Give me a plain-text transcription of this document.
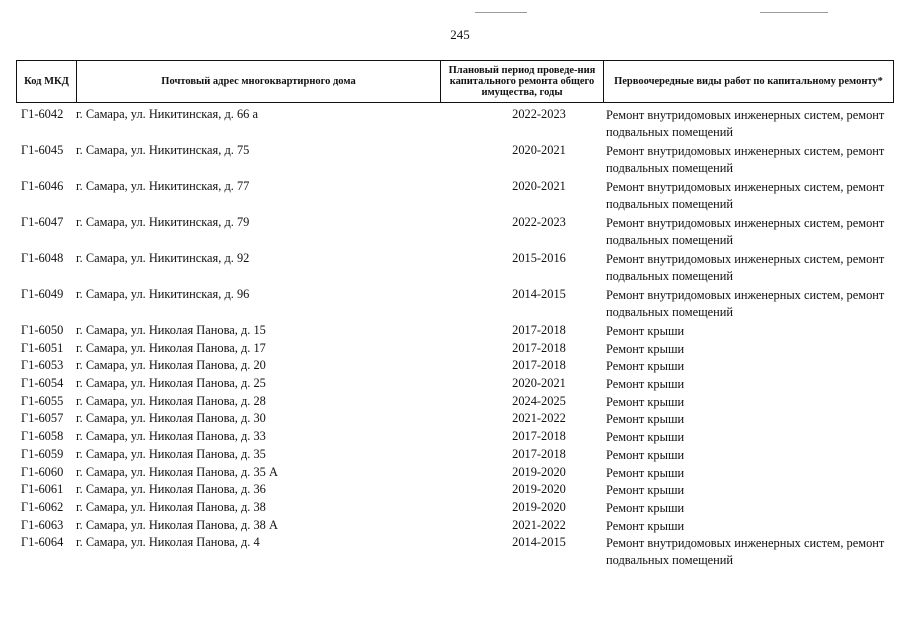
245
Код МКД	Почтовый адрес многоквартирного дома	Плановый период проведе-ния капитального ремонта общего имущества, годы	Первоочередные виды работ по капитальному ремонту*
Г1-6042 г. Самара, ул. Никитинская, д. 66 а	2022-2023	Ремонт внутридомовых инженерных систем, ремонт подвальных помещений
Г1-6045 г. Самара, ул. Никитинская, д. 75	2020-2021	Ремонт внутридомовых инженерных систем, ремонт подвальных помещений
Г1-6046 г. Самара, ул. Никитинская, д. 77	2020-2021	Ремонт внутридомовых инженерных систем, ремонт подвальных помещений
Г1-6047 г. Самара, ул. Никитинская, д. 79	2022-2023	Ремонт внутридомовых инженерных систем, ремонт подвальных помещений
Г1-6048 г. Самара, ул. Никитинская, д. 92	2015-2016	Ремонт внутридомовых инженерных систем, ремонт подвальных помещений
Г1-6049 г. Самара, ул. Никитинская, д. 96	2014-2015	Ремонт внутридомовых инженерных систем, ремонт подвальных помещений
Г1-6050 г. Самара, ул. Николая Панова, д. 15	2017-2018	Ремонт крыши
Г1-6051 г. Самара, ул. Николая Панова, д. 17	2017-2018	Ремонт крыши
Г1-6053 г. Самара, ул. Николая Панова, д. 20	2017-2018	Ремонт крыши
Г1-6054 г. Самара, ул. Николая Панова, д. 25	2020-2021	Ремонт крыши
Г1-6055 г. Самара, ул. Николая Панова, д. 28	2024-2025	Ремонт крыши
Г1-6057 г. Самара, ул. Николая Панова, д. 30	2021-2022	Ремонт крыши
Г1-6058 г. Самара, ул. Николая Панова, д. 33	2017-2018	Ремонт крыши
Г1-6059 г. Самара, ул. Николая Панова, д. 35	2017-2018	Ремонт крыши
Г1-6060 г. Самара, ул. Николая Панова, д. 35 А	2019-2020	Ремонт крыши
Г1-6061 г. Самара, ул. Николая Панова, д. 36	2019-2020	Ремонт крыши
Г1-6062 г. Самара, ул. Николая Панова, д. 38	2019-2020	Ремонт крыши
Г1-6063 г. Самара, ул. Николая Панова, д. 38 А	2021-2022	Ремонт крыши
Г1-6064 г. Самара, ул. Николая Панова, д. 4	2014-2015	Ремонт внутридомовых инженерных систем, ремонт подвальных помещений
